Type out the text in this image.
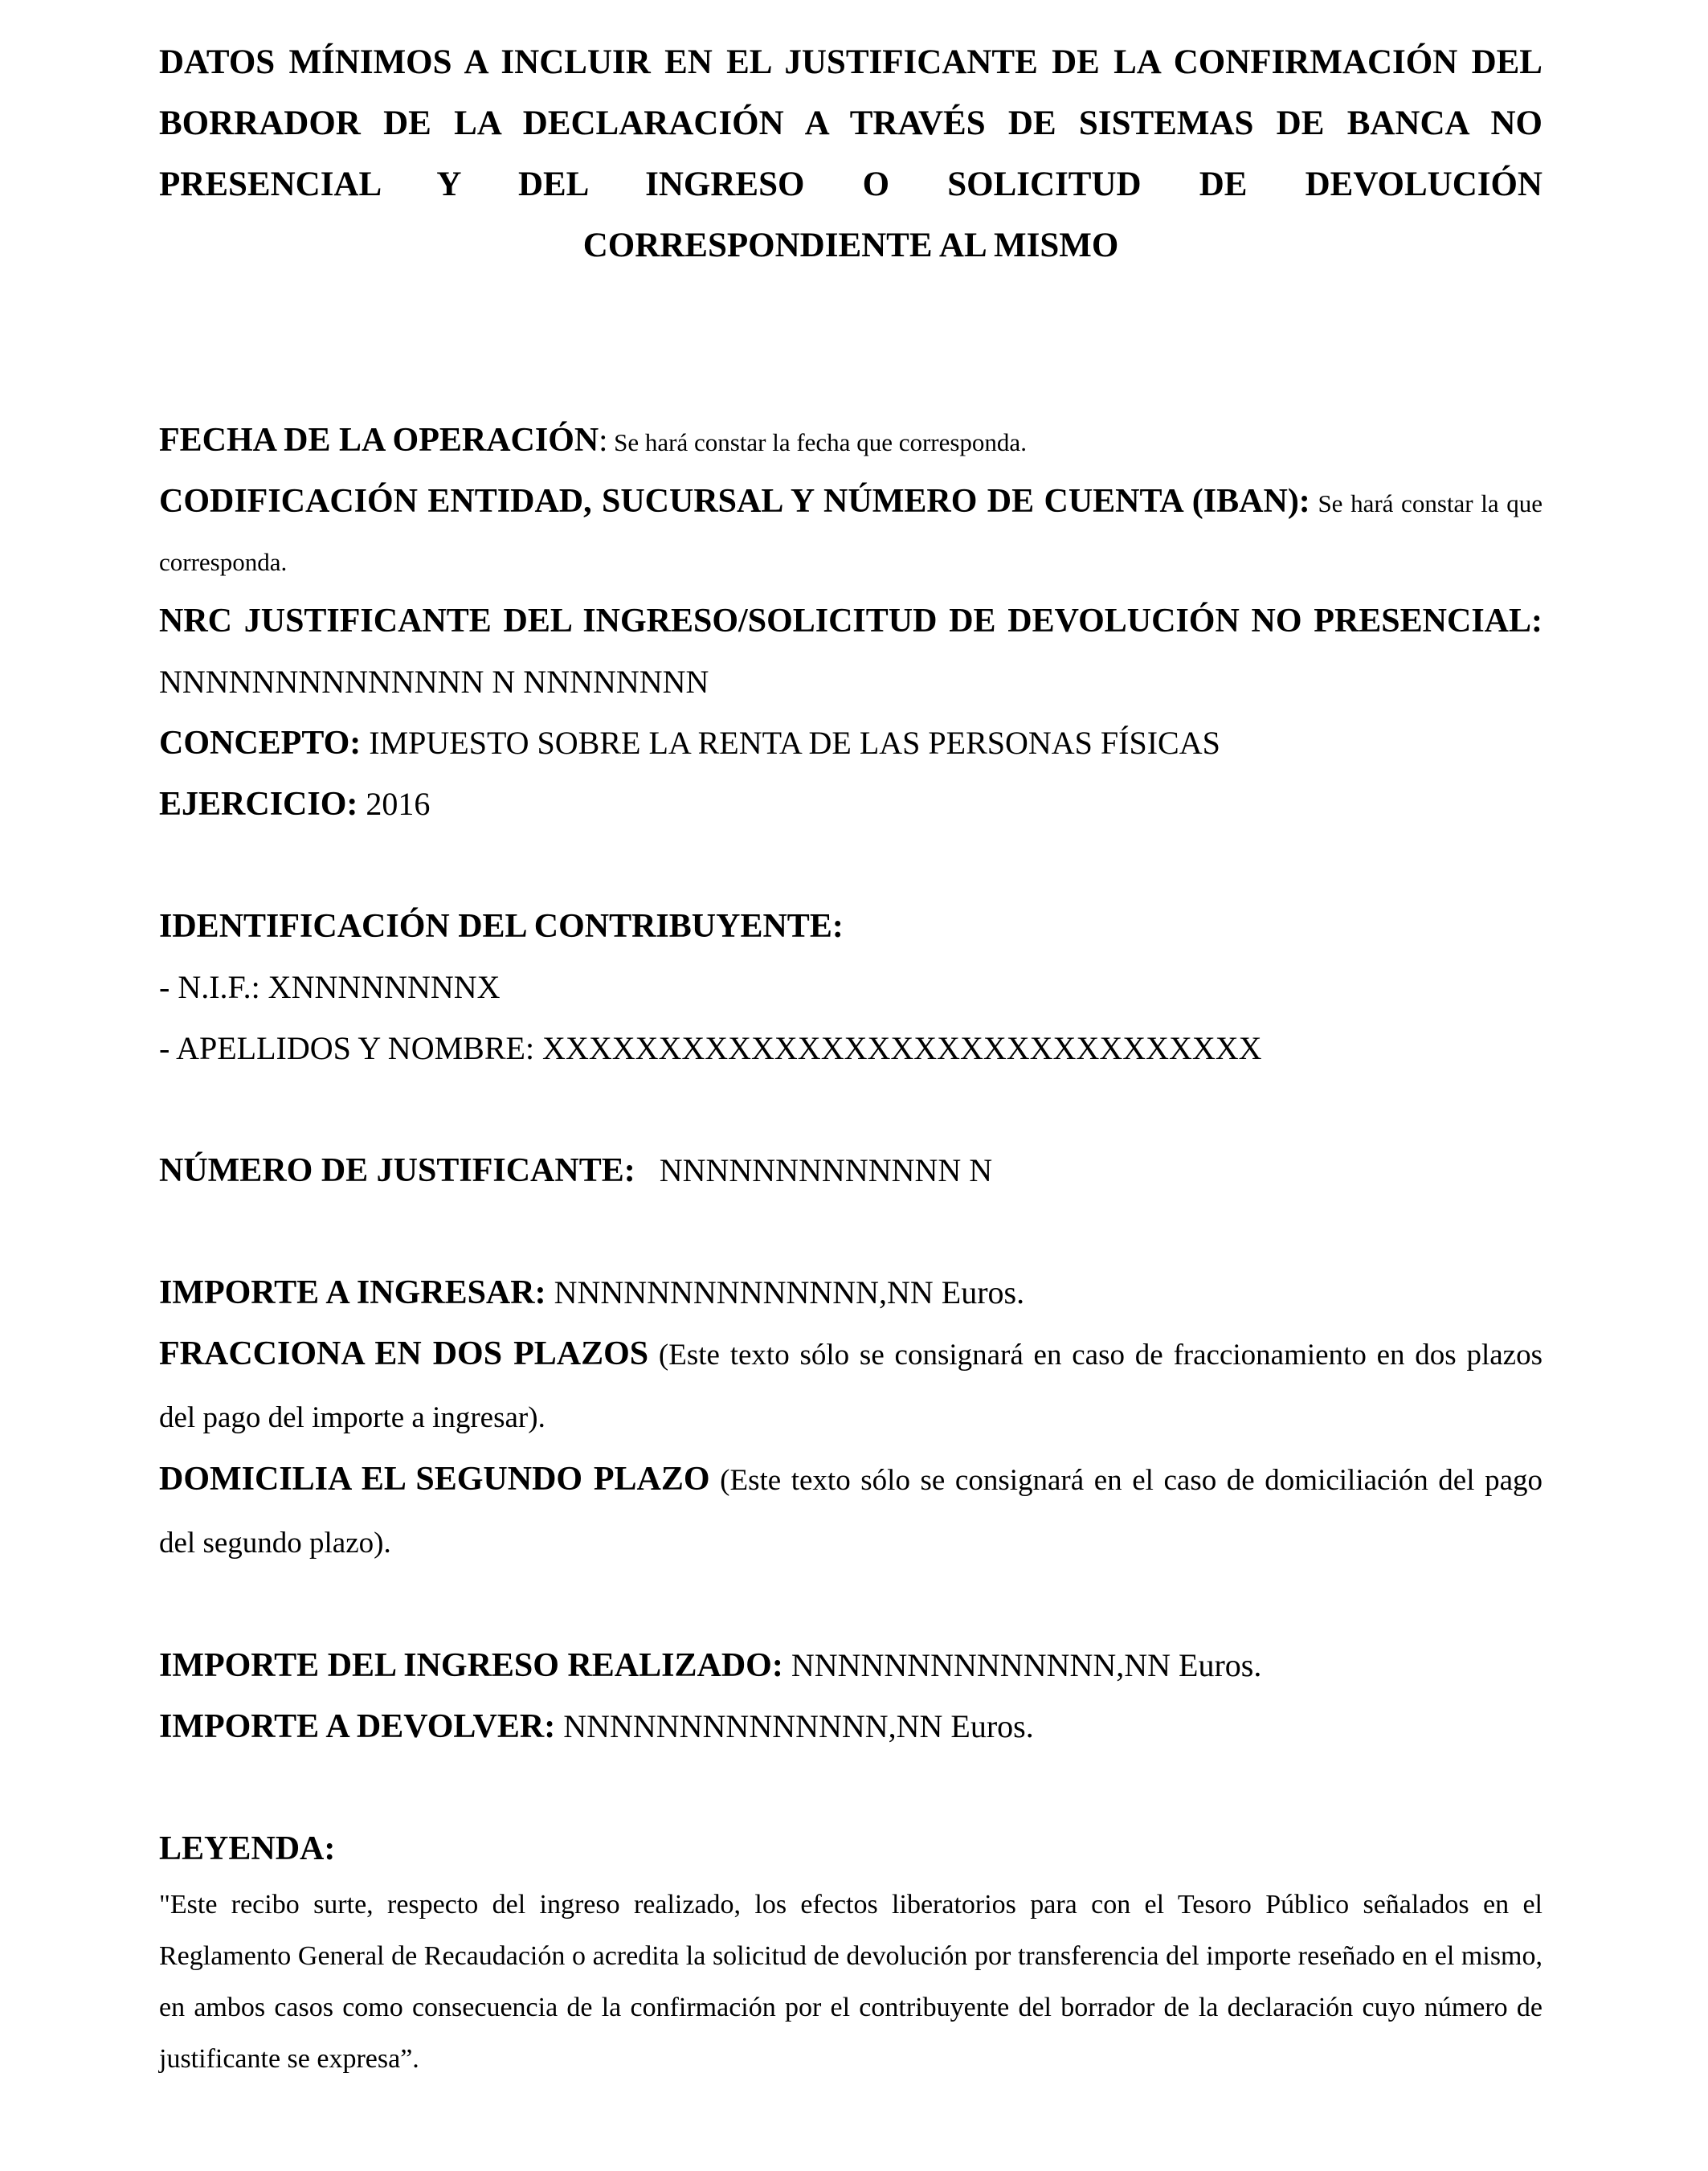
DATOS MÍNIMOS A INCLUIR EN EL JUSTIFICANTE DE LA CONFIRMACIÓN DEL BORRADOR DE LA DECLARACIÓN A TRAVÉS DE SISTEMAS DE BANCA NO PRESENCIAL Y DEL INGRESO O SOLICITUD DE DEVOLUCIÓN CORRESPONDIENTE AL MISMO

FECHA DE LA OPERACIÓN: Se hará constar la fecha que corresponda.

CODIFICACIÓN ENTIDAD, SUCURSAL Y NÚMERO DE CUENTA (IBAN): Se hará constar la que corresponda.

NRC JUSTIFICANTE DEL INGRESO/SOLICITUD DE DEVOLUCIÓN NO PRESENCIAL: NNNNNNNNNNNNNN N NNNNNNNN

CONCEPTO: IMPUESTO SOBRE LA RENTA DE LAS PERSONAS FÍSICAS

EJERCICIO: 2016

IDENTIFICACIÓN DEL CONTRIBUYENTE:

- N.I.F.: XNNNNNNNNX

- APELLIDOS Y NOMBRE: XXXXXXXXXXXXXXXXXXXXXXXXXXXXXXX

NÚMERO DE JUSTIFICANTE:   NNNNNNNNNNNNN N

IMPORTE A INGRESAR: NNNNNNNNNNNNNN,NN Euros.

FRACCIONA EN DOS PLAZOS (Este texto sólo se consignará en caso de fraccionamiento en dos plazos del pago del importe a ingresar).

DOMICILIA EL SEGUNDO PLAZO (Este texto sólo se consignará en el caso de domiciliación del pago del segundo plazo).

IMPORTE DEL INGRESO REALIZADO: NNNNNNNNNNNNNN,NN Euros.

IMPORTE A DEVOLVER: NNNNNNNNNNNNNN,NN Euros.

LEYENDA:

"Este recibo surte, respecto del ingreso realizado, los efectos liberatorios para con el Tesoro Público señalados en el Reglamento General de Recaudación o acredita la solicitud de devolución por transferencia del importe reseñado en el mismo, en ambos casos como consecuencia de la confirmación por el contribuyente del borrador de la declaración cuyo número de justificante se expresa”.
